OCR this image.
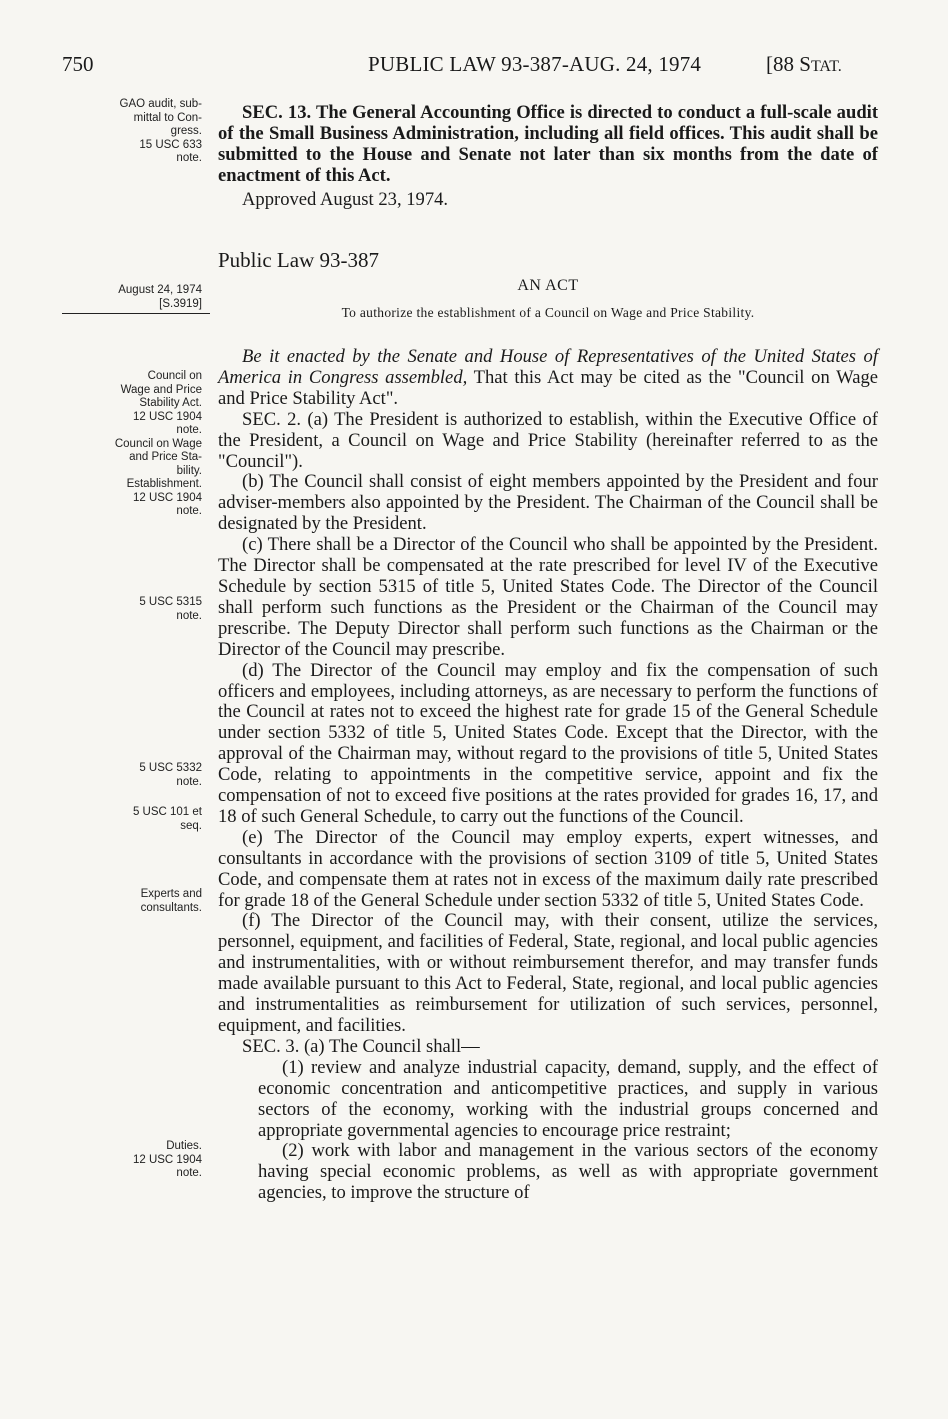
750	PUBLIC LAW 93-387-AUG. 24, 1974	[88 STAT.
GAO audit, sub-
mittal to Con-
gress.
15 USC 633
note.
August 24, 1974
[S.3919]
Council on
Wage and Price
Stability Act.
12 USC 1904
note.
Council on Wage
and Price Sta-
bility.
Establishment.
12 USC 1904
note.
5 USC 5315
note.
5 USC 5332
note.
5 USC 101 et
seq.
Experts and
consultants.
Duties.
12 USC 1904
note.

SEC. 13. The General Accounting Office is directed to conduct a full-scale audit of the Small Business Administration, including all field offices. This audit shall be submitted to the House and Senate not later than six months from the date of enactment of this Act.

Approved August 23, 1974.

Public Law 93-387
AN ACT
To authorize the establishment of a Council on Wage and Price Stability.

Be it enacted by the Senate and House of Representatives of the United States of America in Congress assembled, That this Act may be cited as the "Council on Wage and Price Stability Act".

SEC. 2. (a) The President is authorized to establish, within the Executive Office of the President, a Council on Wage and Price Stability (hereinafter referred to as the "Council").

(b) The Council shall consist of eight members appointed by the President and four adviser-members also appointed by the President. The Chairman of the Council shall be designated by the President.

(c) There shall be a Director of the Council who shall be appointed by the President. The Director shall be compensated at the rate prescribed for level IV of the Executive Schedule by section 5315 of title 5, United States Code. The Director of the Council shall perform such functions as the President or the Chairman of the Council may prescribe. The Deputy Director shall perform such functions as the Chairman or the Director of the Council may prescribe.

(d) The Director of the Council may employ and fix the compensation of such officers and employees, including attorneys, as are necessary to perform the functions of the Council at rates not to exceed the highest rate for grade 15 of the General Schedule under section 5332 of title 5, United States Code. Except that the Director, with the approval of the Chairman may, without regard to the provisions of title 5, United States Code, relating to appointments in the competitive service, appoint and fix the compensation of not to exceed five positions at the rates provided for grades 16, 17, and 18 of such General Schedule, to carry out the functions of the Council.

(e) The Director of the Council may employ experts, expert witnesses, and consultants in accordance with the provisions of section 3109 of title 5, United States Code, and compensate them at rates not in excess of the maximum daily rate prescribed for grade 18 of the General Schedule under section 5332 of title 5, United States Code.

(f) The Director of the Council may, with their consent, utilize the services, personnel, equipment, and facilities of Federal, State, regional, and local public agencies and instrumentalities, with or without reimbursement therefor, and may transfer funds made available pursuant to this Act to Federal, State, regional, and local public agencies and instrumentalities as reimbursement for utilization of such services, personnel, equipment, and facilities.

SEC. 3. (a) The Council shall—

(1) review and analyze industrial capacity, demand, supply, and the effect of economic concentration and anticompetitive practices, and supply in various sectors of the economy, working with the industrial groups concerned and appropriate governmental agencies to encourage price restraint;

(2) work with labor and management in the various sectors of the economy having special economic problems, as well as with appropriate government agencies, to improve the structure of
